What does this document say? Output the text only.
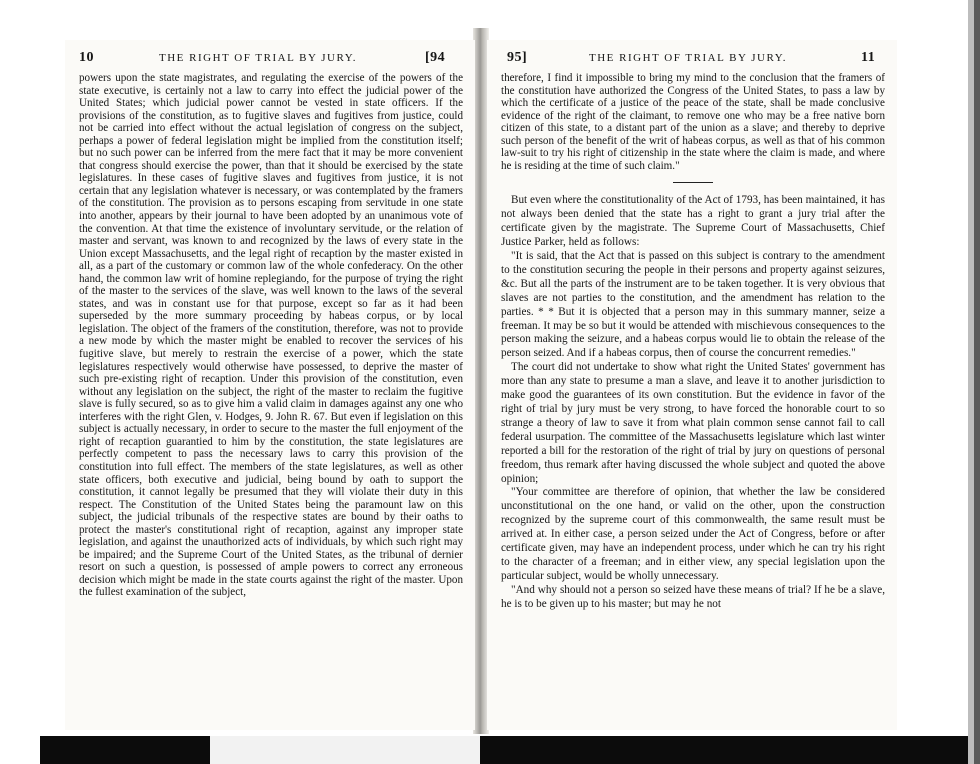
10	THE RIGHT OF TRIAL BY JURY.	[94

powers upon the state magistrates, and regulating the exercise of the powers of the state executive, is certainly not a law to carry into effect the judicial power of the United States; which judicial power cannot be vested in state officers. If the provisions of the constitution, as to fugitive slaves and fugitives from justice, could not be carried into effect without the actual legislation of congress on the subject, perhaps a power of federal legislation might be implied from the constitution itself; but no such power can be inferred from the mere fact that it may be more convenient that congress should exercise the power, than that it should be exercised by the state legislatures. In these cases of fugitive slaves and fugitives from justice, it is not certain that any legislation whatever is necessary, or was contemplated by the framers of the constitution. The provision as to persons escaping from servitude in one state into another, appears by their journal to have been adopted by an unanimous vote of the convention. At that time the existence of involuntary servitude, or the relation of master and servant, was known to and recognized by the laws of every state in the Union except Massachusetts, and the legal right of recaption by the master existed in all, as a part of the customary or common law of the whole confederacy. On the other hand, the common law writ of homine replegiando, for the purpose of trying the right of the master to the services of the slave, was well known to the laws of the several states, and was in constant use for that purpose, except so far as it had been superseded by the more summary proceeding by habeas corpus, or by local legislation. The object of the framers of the constitution, therefore, was not to provide a new mode by which the master might be enabled to recover the services of his fugitive slave, but merely to restrain the exercise of a power, which the state legislatures respectively would otherwise have possessed, to deprive the master of such pre-existing right of recaption. Under this provision of the constitution, even without any legislation on the subject, the right of the master to reclaim the fugitive slave is fully secured, so as to give him a valid claim in damages against any one who interferes with the right Glen, v. Hodges, 9. John R. 67. But even if legislation on this subject is actually necessary, in order to secure to the master the full enjoyment of the right of recaption guarantied to him by the constitution, the state legislatures are perfectly competent to pass the necessary laws to carry this provision of the constitution into full effect. The members of the state legislatures, as well as other state officers, both executive and judicial, being bound by oath to support the constitution, it cannot legally be presumed that they will violate their duty in this respect. The Constitution of the United States being the paramount law on this subject, the judicial tribunals of the respective states are bound by their oaths to protect the master's constitutional right of recaption, against any improper state legislation, and against the unauthorized acts of individuals, by which such right may be impaired; and the Supreme Court of the United States, as the tribunal of dernier resort on such a question, is possessed of ample powers to correct any erroneous decision which might be made in the state courts against the right of the master. Upon the fullest examination of the subject,

95]	THE RIGHT OF TRIAL BY JURY.	11

therefore, I find it impossible to bring my mind to the conclusion that the framers of the constitution have authorized the Congress of the United States, to pass a law by which the certificate of a justice of the peace of the state, shall be made conclusive evidence of the right of the claimant, to remove one who may be a free native born citizen of this state, to a distant part of the union as a slave; and thereby to deprive such person of the benefit of the writ of habeas corpus, as well as that of his common law-suit to try his right of citizenship in the state where the claim is made, and where he is residing at the time of such claim."

But even where the constitutionality of the Act of 1793, has been maintained, it has not always been denied that the state has a right to grant a jury trial after the certificate given by the magistrate. The Supreme Court of Massachusetts, Chief Justice Parker, held as follows:

"It is said, that the Act that is passed on this subject is contrary to the amendment to the constitution securing the people in their persons and property against seizures, &c. But all the parts of the instrument are to be taken together. It is very obvious that slaves are not parties to the constitution, and the amendment has relation to the parties. * * But it is objected that a person may in this summary manner, seize a freeman. It may be so but it would be attended with mischievous consequences to the person making the seizure, and a habeas corpus would lie to obtain the release of the person seized. And if a habeas corpus, then of course the concurrent remedies."

The court did not undertake to show what right the United States' government has more than any state to presume a man a slave, and leave it to another jurisdiction to make good the guarantees of its own constitution. But the evidence in favor of the right of trial by jury must be very strong, to have forced the honorable court to so strange a theory of law to save it from what plain common sense cannot fail to call federal usurpation. The committee of the Massachusetts legislature which last winter reported a bill for the restoration of the right of trial by jury on questions of personal freedom, thus remark after having discussed the whole subject and quoted the above opinion;

"Your committee are therefore of opinion, that whether the law be considered unconstitutional on the one hand, or valid on the other, upon the construction recognized by the supreme court of this commonwealth, the same result must be arrived at. In either case, a person seized under the Act of Congress, before or after certificate given, may have an independent process, under which he can try his right to the character of a freeman; and in either view, any special legislation upon the particular subject, would be wholly unnecessary.

"And why should not a person so seized have these means of trial? If he be a slave, he is to be given up to his master; but may he not
